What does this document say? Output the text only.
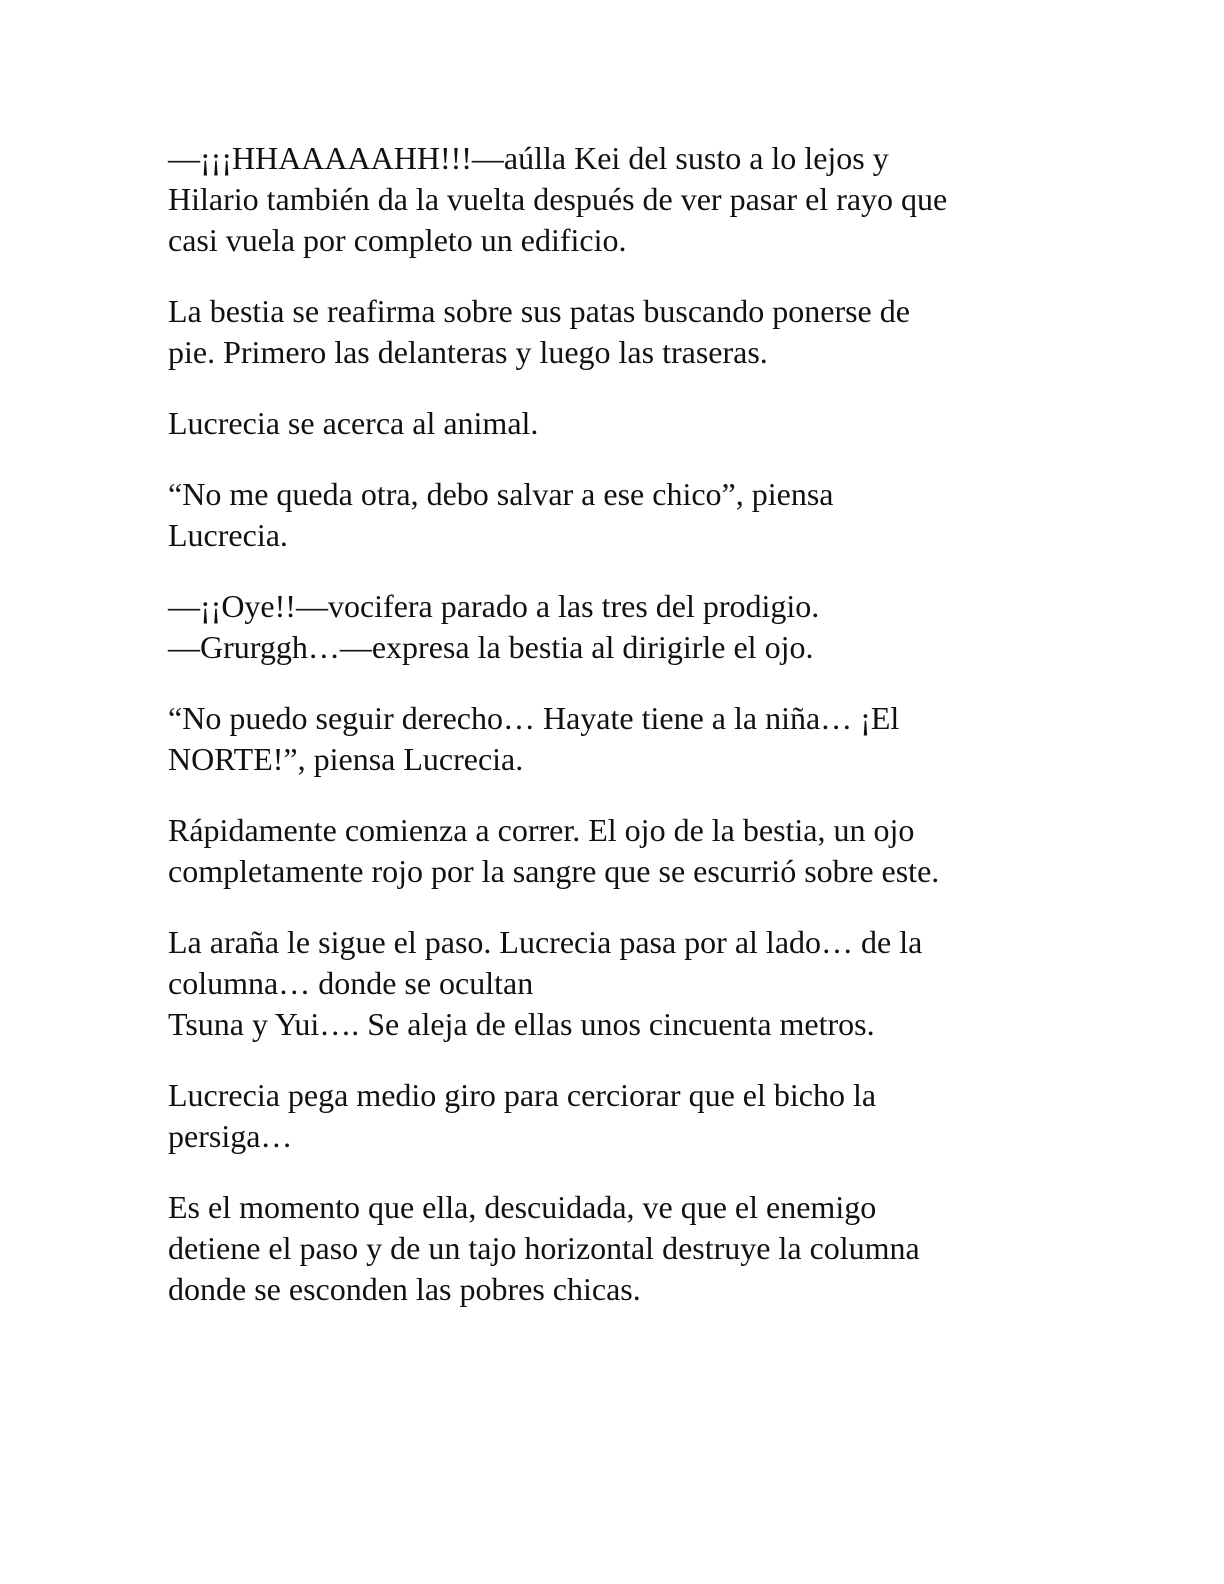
—¡¡¡HHAAAAAHH!!!—aúlla Kei del susto a lo lejos y
Hilario también da la vuelta después de ver pasar el rayo que
casi vuela por completo un edificio.

La bestia se reafirma sobre sus patas buscando ponerse de
pie. Primero las delanteras y luego las traseras.

Lucrecia se acerca al animal.

“No me queda otra, debo salvar a ese chico”, piensa
Lucrecia.

—¡¡Oye!!—vocifera parado a las tres del prodigio.
—Grurggh…—expresa la bestia al dirigirle el ojo.

“No puedo seguir derecho… Hayate tiene a la niña… ¡El
NORTE!”, piensa Lucrecia.

Rápidamente comienza a correr. El ojo de la bestia, un ojo
completamente rojo por la sangre que se escurrió sobre este.

La araña le sigue el paso. Lucrecia pasa por al lado… de la
columna… donde se ocultan
Tsuna y Yui…. Se aleja de ellas unos cincuenta metros.

Lucrecia pega medio giro para cerciorar que el bicho la
persiga…

Es el momento que ella, descuidada, ve que el enemigo
detiene el paso y de un tajo horizontal destruye la columna
donde se esconden las pobres chicas.
